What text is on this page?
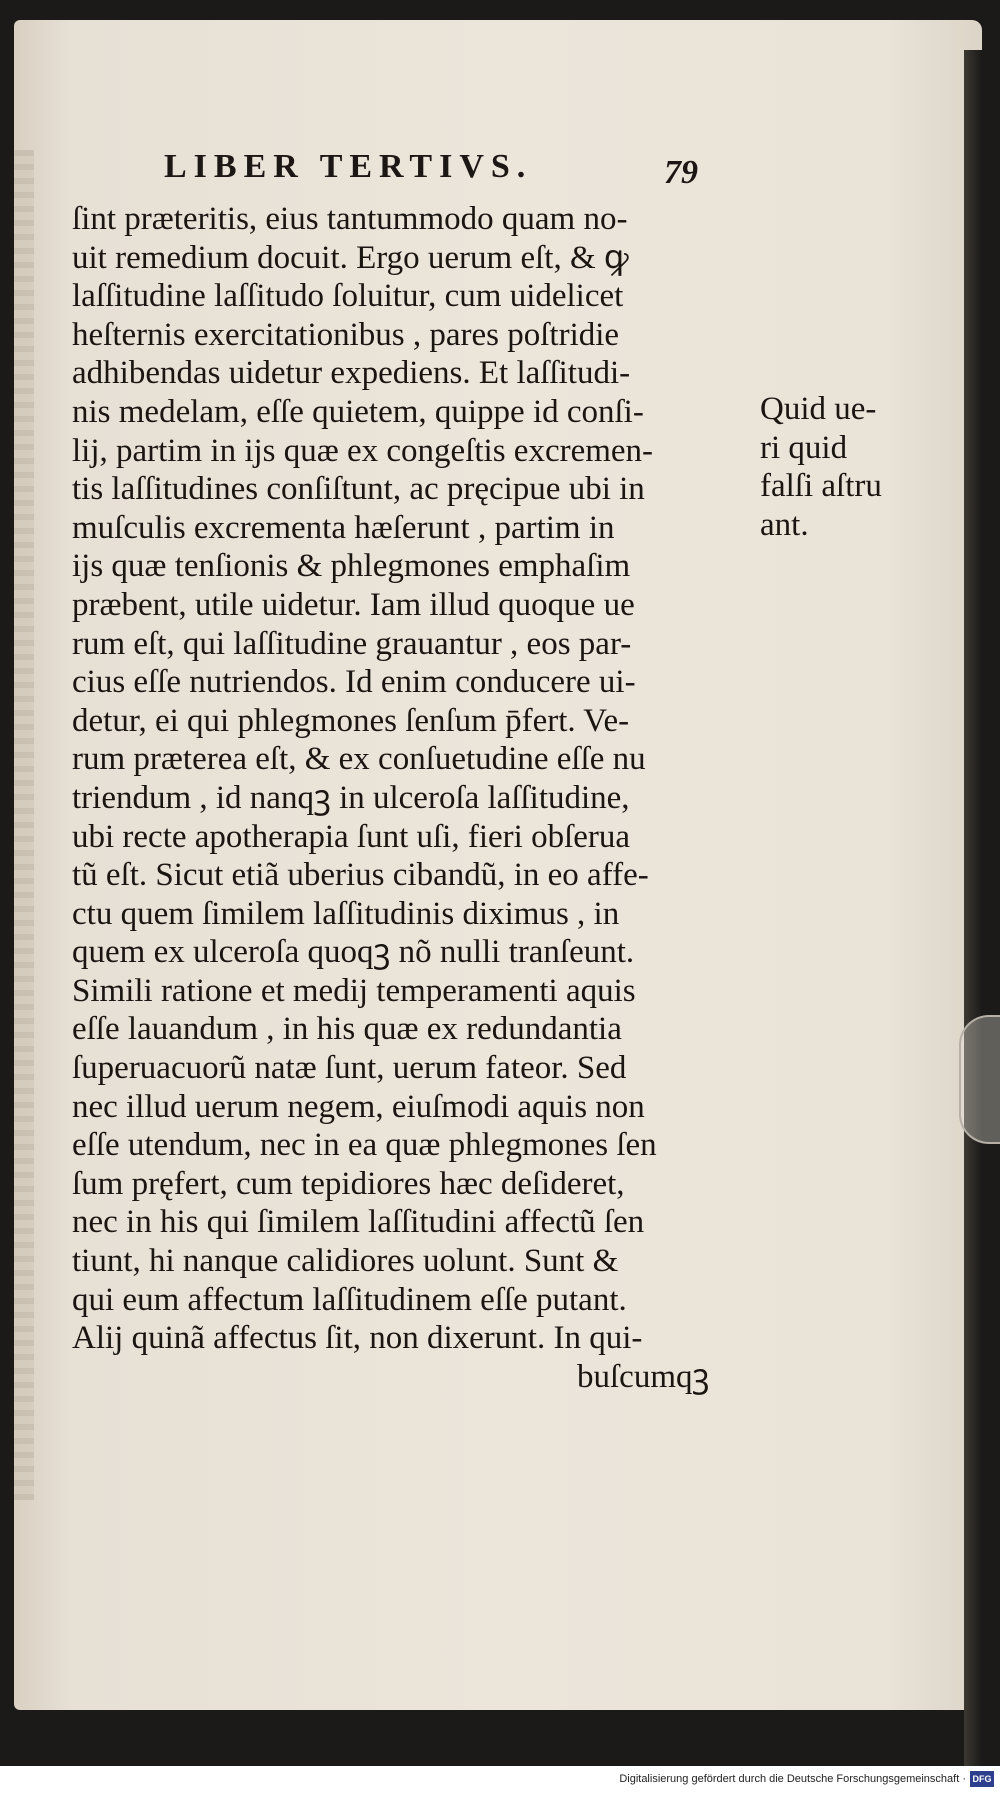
LIBER TERTIVS.	79
ſint præteritis, eius tantummodo quam no-
uit remedium docuit. Ergo uerum eſt, & ꝙ
laſſitudine laſſitudo ſoluitur, cum uidelicet
heſternis exercitationibus , pares poſtridie
adhibendas uidetur expediens. Et laſſitudi-
nis medelam, eſſe quietem, quippe id conſi-
lij, partim in ijs quæ ex congeſtis excremen-
tis laſſitudines conſiſtunt, ac pręcipue ubi in
muſculis excrementa hæſerunt , partim in
ijs quæ tenſionis & phlegmones emphaſim
præbent, utile uidetur. Iam illud quoque ue
rum eſt, qui laſſitudine grauantur , eos par-
cius eſſe nutriendos. Id enim conducere ui-
detur, ei qui phlegmones ſenſum p̄fert. Ve-
rum præterea eſt, & ex conſuetudine eſſe nu
triendum , id nanqꝫ in ulceroſa laſſitudine,
ubi recte apotherapia ſunt uſi, fieri obſerua
tũ eſt. Sicut etiã uberius cibandũ, in eo affe-
ctu quem ſimilem laſſitudinis diximus , in
quem ex ulceroſa quoqꝫ nõ nulli tranſeunt.
Simili ratione et medij temperamenti aquis
eſſe lauandum , in his quæ ex redundantia
ſuperuacuorũ natæ ſunt, uerum fateor. Sed
nec illud uerum negem, eiuſmodi aquis non
eſſe utendum, nec in ea quæ phlegmones ſen
ſum pręfert, cum tepidiores hæc deſideret,
nec in his qui ſimilem laſſitudini affectũ ſen
tiunt, hi nanque calidiores uolunt. Sunt &
qui eum affectum laſſitudinem eſſe putant.
Alij quinã affectus ſit, non dixerunt. In qui-
buſcumqꝫ
Quid ue-
ri quid
falſi aſtru
ant.
Digitalisierung gefördert durch die Deutsche Forschungsgemeinschaft · DFG
